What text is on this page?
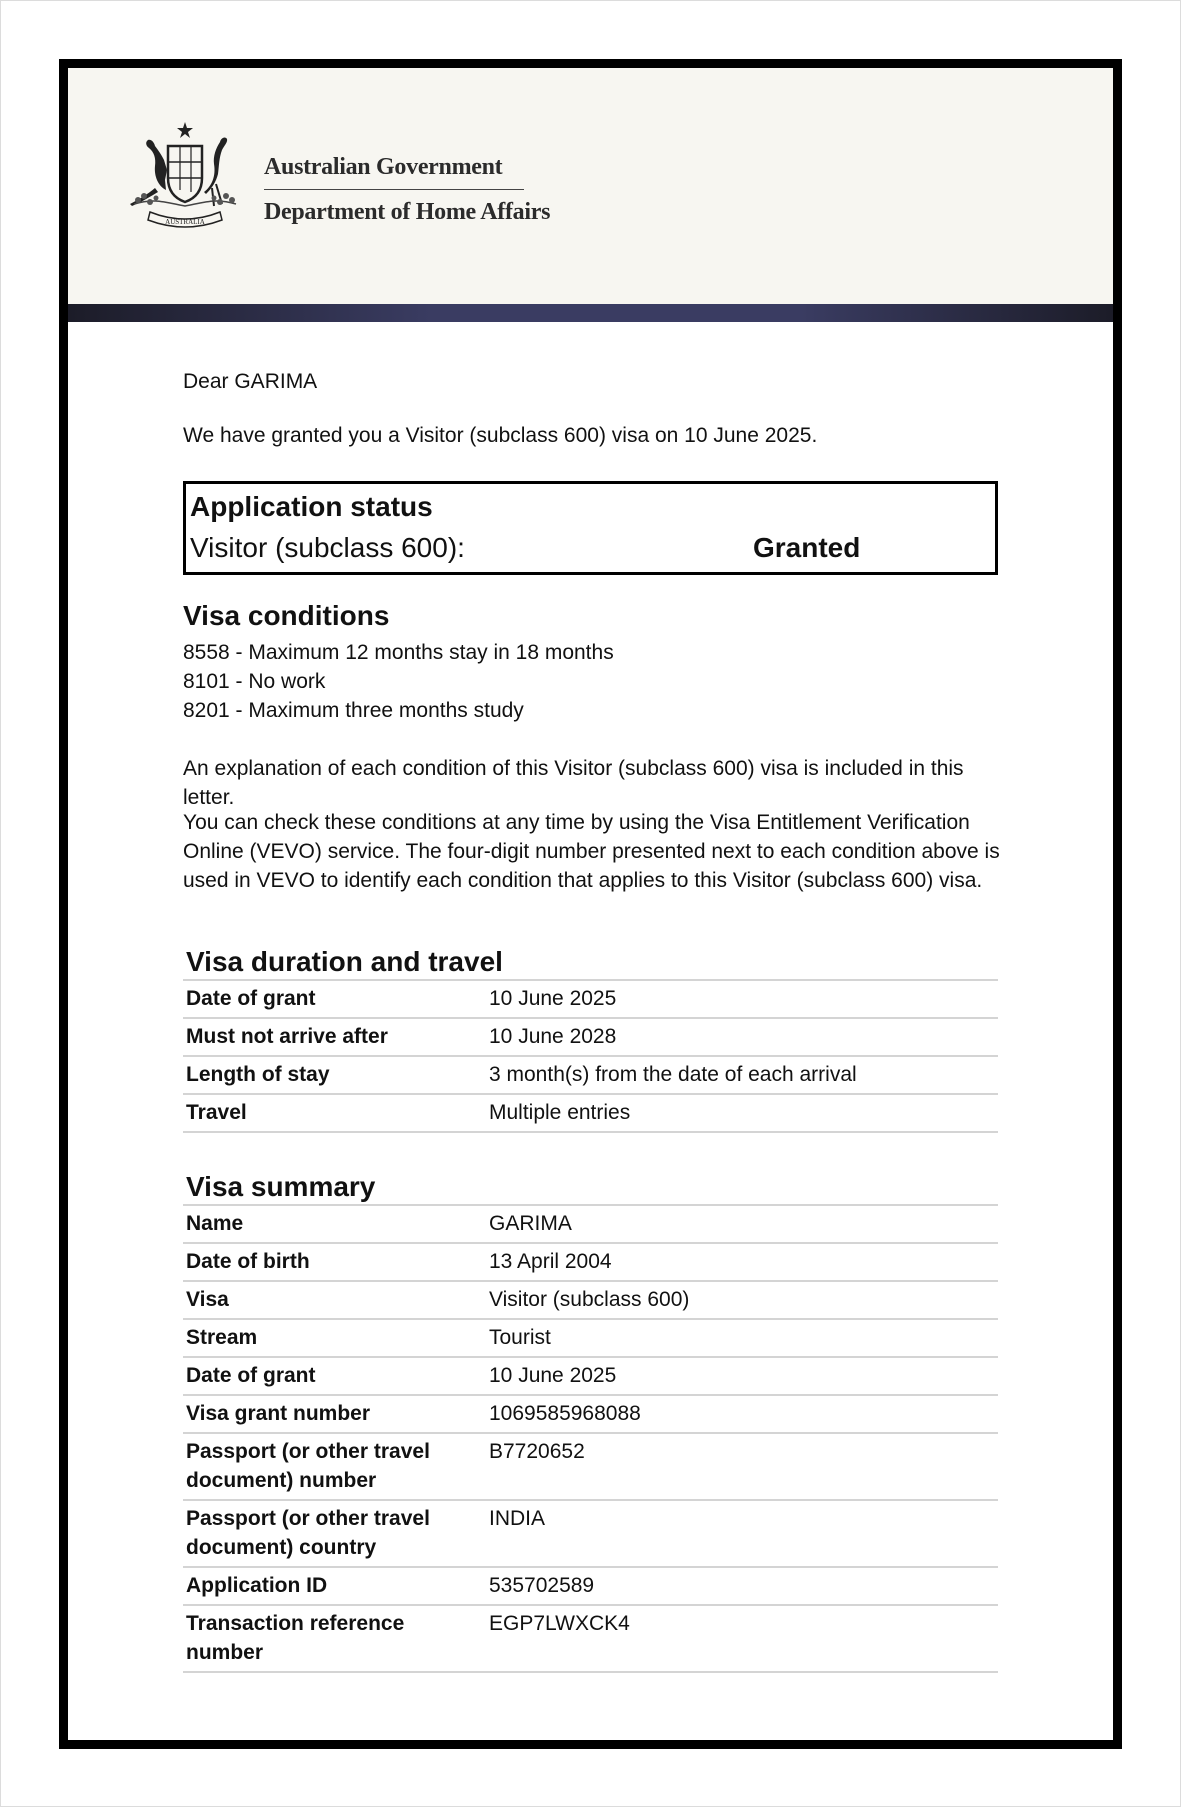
AUSTRALIA
Australian Government
Department of Home Affairs
Dear GARIMA
We have granted you a Visitor (subclass 600) visa on 10 June 2025.
Application status
Visitor (subclass 600):	Granted
Visa conditions
8558 - Maximum 12 months stay in 18 months
8101 - No work
8201 - Maximum three months study
An explanation of each condition of this Visitor (subclass 600) visa is included in this letter.
You can check these conditions at any time by using the Visa Entitlement Verification Online (VEVO) service. The four-digit number presented next to each condition above is used in VEVO to identify each condition that applies to this Visitor (subclass 600) visa.
Visa duration and travel
Date of grant	10 June 2025
Must not arrive after	10 June 2028
Length of stay	3 month(s) from the date of each arrival
Travel	Multiple entries
Visa summary
Name	GARIMA
Date of birth	13 April 2004
Visa	Visitor (subclass 600)
Stream	Tourist
Date of grant	10 June 2025
Visa grant number	1069585968088
Passport (or other travel document) number	B7720652
Passport (or other travel document) country	INDIA
Application ID	535702589
Transaction reference number	EGP7LWXCK4
